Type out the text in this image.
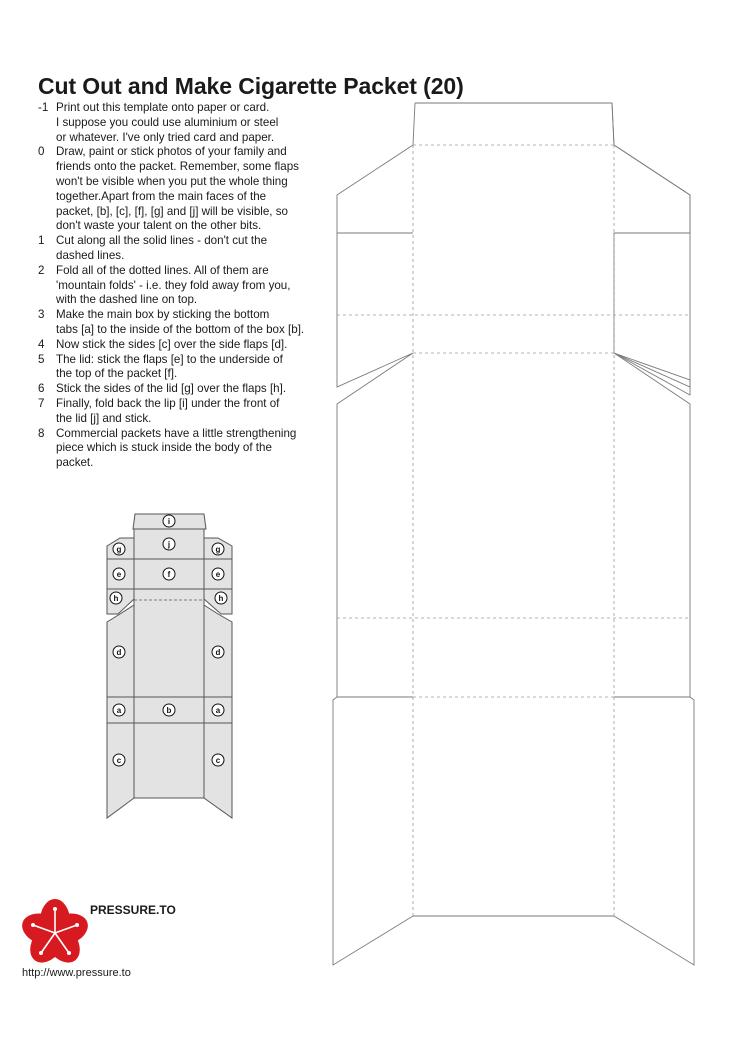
Cut Out and Make Cigarette Packet (20)
-1 Print out this template onto paper or card.
I suppose you could use aluminium or steel
or whatever. I've only tried card and paper.
0 Draw, paint or stick photos of your family and
friends onto the packet. Remember, some flaps
won't be visible when you put the whole thing
together.Apart from the main faces of the
packet, [b], [c], [f], [g] and [j] will be visible, so
don't waste your talent on the other bits.
1 Cut along all the solid lines - don't cut the
dashed lines.
2 Fold all of the dotted lines. All of them are
'mountain folds' - i.e. they fold away from you,
with the dashed line on top.
3 Make the main box by sticking the bottom
tabs [a] to the inside of the bottom of the box [b].
4 Now stick the sides [c] over the side flaps [d].
5 The lid: stick the flaps [e] to the underside of
the top of the packet [f].
6 Stick the sides of the lid [g] over the flaps [h].
7 Finally, fold back the lip [i] under the front of
the lid [j] and stick.
8 Commercial packets have a little strengthening
piece which is stuck inside the body of the
packet.
i
j
g	g
e	f	e
h	h
d	d
a	b	a
c	c
PRESSURE.TO
http://www.pressure.to
